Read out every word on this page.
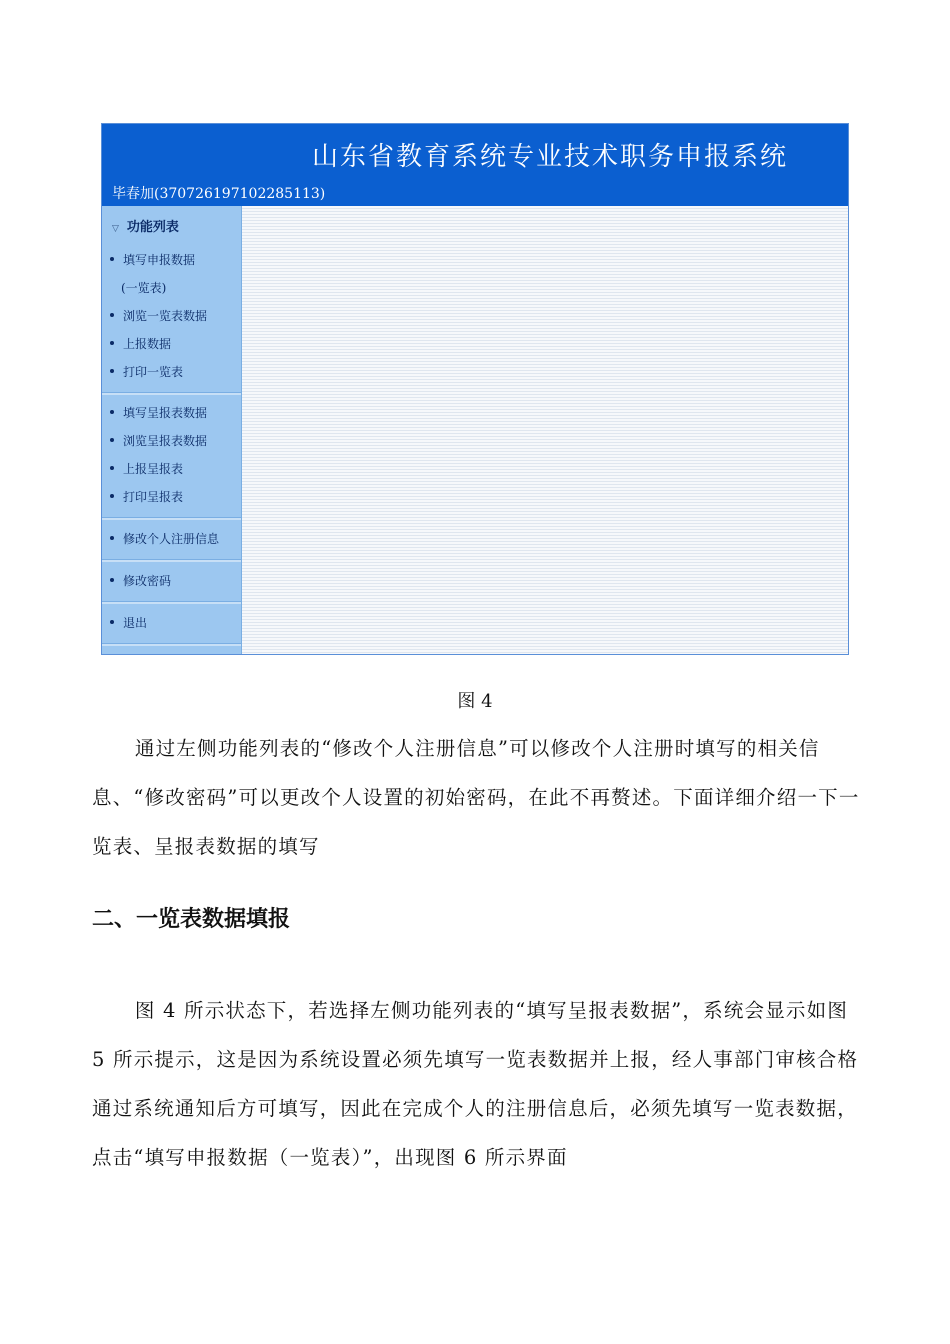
山东省教育系统专业技术职务申报系统
毕春加(370726197102285113)
▽ 功能列表
填写申报数据
(一览表)
浏览一览表数据
上报数据
打印一览表
填写呈报表数据
浏览呈报表数据
上报呈报表
打印呈报表
修改个人注册信息
修改密码
退出
图 4
通过左侧功能列表的“修改个人注册信息”可以修改个人注册时填写的相关信息、“修改密码”可以更改个人设置的初始密码，在此不再赘述。下面详细介绍一下一览表、呈报表数据的填写
二、一览表数据填报
图 4 所示状态下，若选择左侧功能列表的“填写呈报表数据”，系统会显示如图 5 所示提示，这是因为系统设置必须先填写一览表数据并上报，经人事部门审核合格通过系统通知后方可填写，因此在完成个人的注册信息后，必须先填写一览表数据，点击“填写申报数据（一览表）”，出现图 6 所示界面
